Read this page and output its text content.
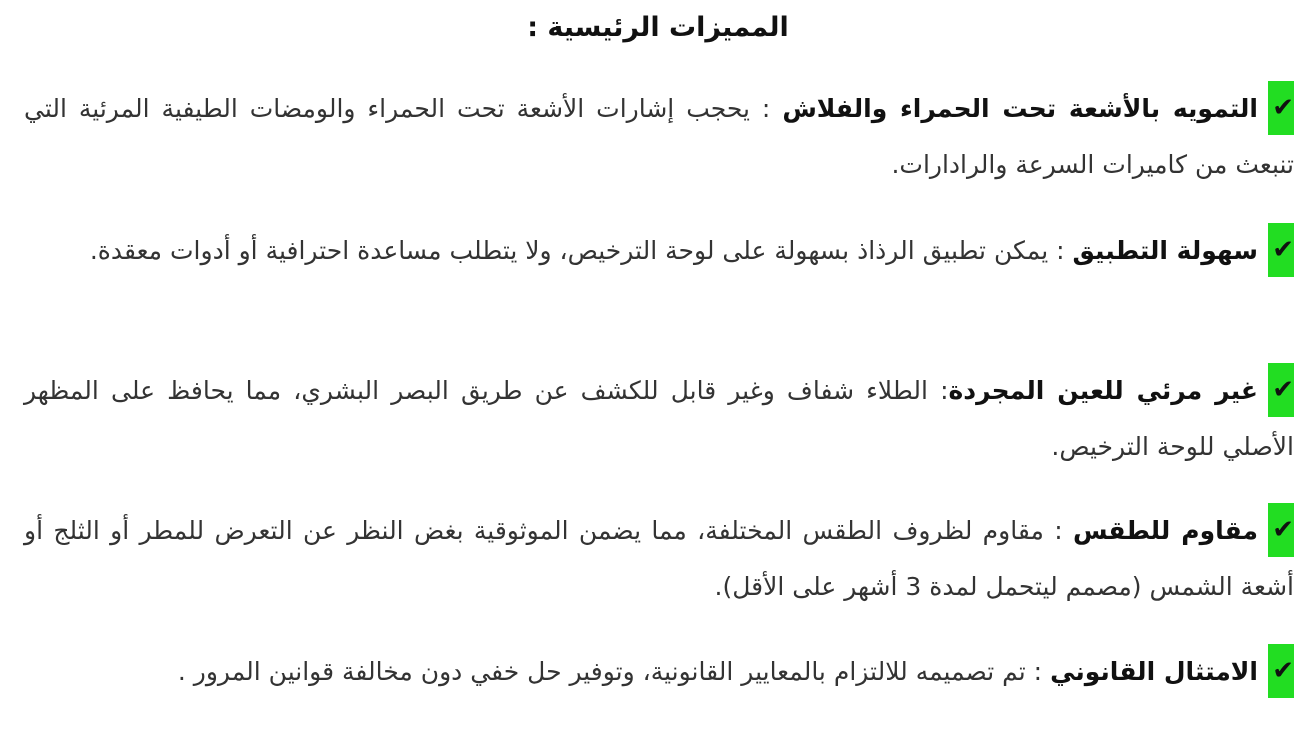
المميزات الرئيسية :
✔التمويه بالأشعة تحت الحمراء والفلاش : يحجب إشارات الأشعة تحت الحمراء والومضات الطيفية المرئية التي تنبعث من كاميرات السرعة والرادارات.
✔سهولة التطبيق : يمكن تطبيق الرذاذ بسهولة على لوحة الترخيص، ولا يتطلب مساعدة احترافية أو أدوات معقدة.
✔غير مرئي للعين المجردة: الطلاء شفاف وغير قابل للكشف عن طريق البصر البشري، مما يحافظ على المظهر الأصلي للوحة الترخيص.
✔مقاوم للطقس : مقاوم لظروف الطقس المختلفة، مما يضمن الموثوقية بغض النظر عن التعرض للمطر أو الثلج أو أشعة الشمس (مصمم ليتحمل لمدة 3 أشهر على الأقل).
✔الامتثال القانوني : تم تصميمه للالتزام بالمعايير القانونية، وتوفير حل خفي دون مخالفة قوانين المرور .
